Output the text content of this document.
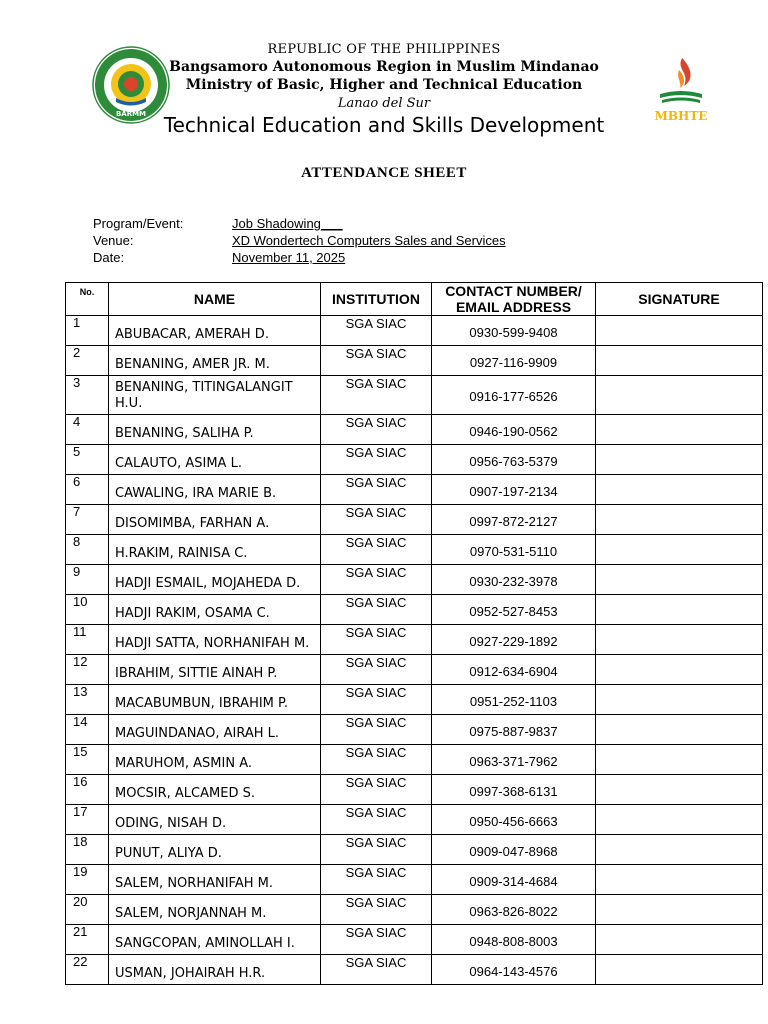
BARMM
REPUBLIC OF THE PHILIPPINES
Bangsamoro Autonomous Region in Muslim Mindanao
Ministry of Basic, Higher and Technical Education
Lanao del Sur
Technical Education and Skills Development	MBHTE
ATTENDANCE SHEET
Program/Event:	Job Shadowing___
Venue:	XD Wondertech Computers Sales and Services
Date:	November 11, 2025
No.	NAME	INSTITUTION	CONTACT NUMBER/ EMAIL ADDRESS	SIGNATURE
1	ABUBACAR, AMERAH D.	SGA SIAC	0930-599-9408	
2	BENANING, AMER JR. M.	SGA SIAC	0927-116-9909	
3	BENANING, TITINGALANGIT H.U.	SGA SIAC	0916-177-6526	
4	BENANING, SALIHA P.	SGA SIAC	0946-190-0562	
5	CALAUTO, ASIMA L.	SGA SIAC	0956-763-5379	
6	CAWALING, IRA MARIE B.	SGA SIAC	0907-197-2134	
7	DISOMIMBA, FARHAN A.	SGA SIAC	0997-872-2127	
8	H.RAKIM, RAINISA C.	SGA SIAC	0970-531-5110	
9	HADJI ESMAIL, MOJAHEDA D.	SGA SIAC	0930-232-3978	
10	HADJI RAKIM, OSAMA C.	SGA SIAC	0952-527-8453	
11	HADJI SATTA, NORHANIFAH M.	SGA SIAC	0927-229-1892	
12	IBRAHIM, SITTIE AINAH P.	SGA SIAC	0912-634-6904	
13	MACABUMBUN, IBRAHIM P.	SGA SIAC	0951-252-1103	
14	MAGUINDANAO, AIRAH L.	SGA SIAC	0975-887-9837	
15	MARUHOM, ASMIN A.	SGA SIAC	0963-371-7962	
16	MOCSIR, ALCAMED S.	SGA SIAC	0997-368-6131	
17	ODING, NISAH D.	SGA SIAC	0950-456-6663	
18	PUNUT, ALIYA D.	SGA SIAC	0909-047-8968	
19	SALEM, NORHANIFAH M.	SGA SIAC	0909-314-4684	
20	SALEM, NORJANNAH M.	SGA SIAC	0963-826-8022	
21	SANGCOPAN, AMINOLLAH I.	SGA SIAC	0948-808-8003	
22	USMAN, JOHAIRAH H.R.	SGA SIAC	0964-143-4576	
